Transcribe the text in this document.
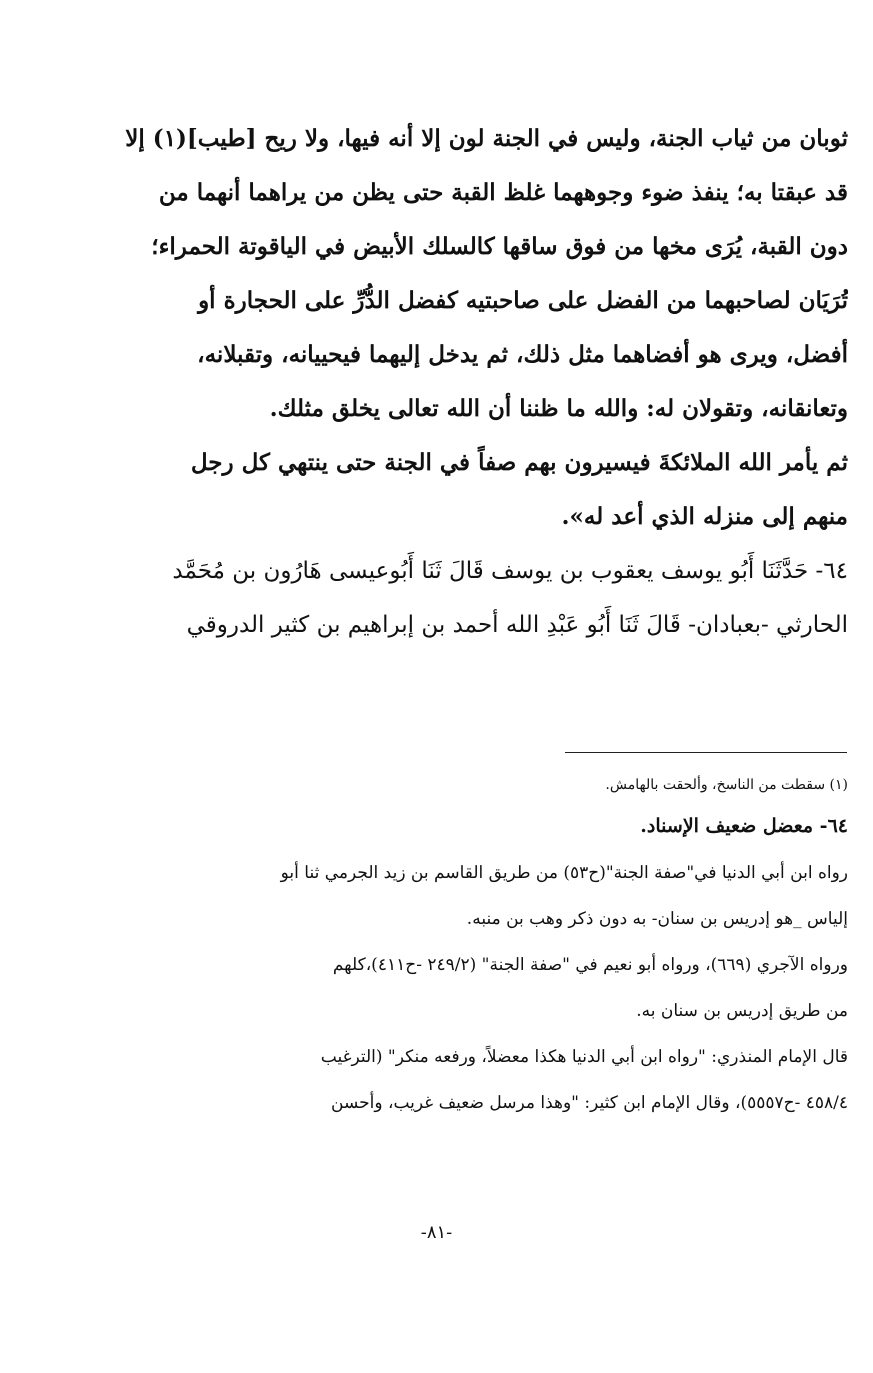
ثوبان من ثياب الجنة، وليس في الجنة لون إلا أنه فيها، ولا ريح [طيب](١) إلا
قد عبقتا به؛ ينفذ ضوء وجوههما غلظ القبة حتى يظن من يراهما أنهما من
دون القبة، يُرَى مخها من فوق ساقها كالسلك الأبيض في الياقوتة الحمراء؛
تُرَيَان لصاحبهما من الفضل على صاحبتيه كفضل الدُّرِّ على الحجارة أو
أفضل، ويرى هو أفضاهما مثل ذلك، ثم يدخل إليهما فيحييانه، وتقبلانه،
وتعانقانه، وتقولان له: والله ما ظننا أن الله تعالى يخلق مثلك.
ثم يأمر الله الملائكةَ فيسيرون بهم صفاً في الجنة حتى ينتهي كل رجل
منهم إلى منزله الذي أعد له».
٦٤- حَدَّثَنَا أَبُو يوسف يعقوب بن يوسف قَالَ ثَنَا أَبُوعيسى هَارُون بن مُحَمَّد
الحارثي -بعبادان- قَالَ ثَنَا أَبُو عَبْدِ الله أحمد بن إبراهيم بن كثير الدروقي
(١) سقطت من الناسخ، وألحقت بالهامش.
٦٤- معضل ضعيف الإسناد.
رواه ابن أبي الدنيا في"صفة الجنة"(ح٥٣) من طريق القاسم بن زيد الجرمي ثنا أبو
إلياس _هو إدريس بن سنان- به دون ذكر وهب بن منبه.
ورواه الآجري (٦٦٩)، ورواه أبو نعيم في "صفة الجنة" (٢٤٩/٢ -ح٤١١)،كلهم
من طريق إدريس بن سنان به.
قال الإمام المنذري: "رواه ابن أبي الدنيا هكذا معضلاً، ورفعه منكر" (الترغيب
٤٥٨/٤ -ح٥٥٥٧)، وقال الإمام ابن كثير: "وهذا مرسل ضعيف غريب، وأحسن
-٨١-
